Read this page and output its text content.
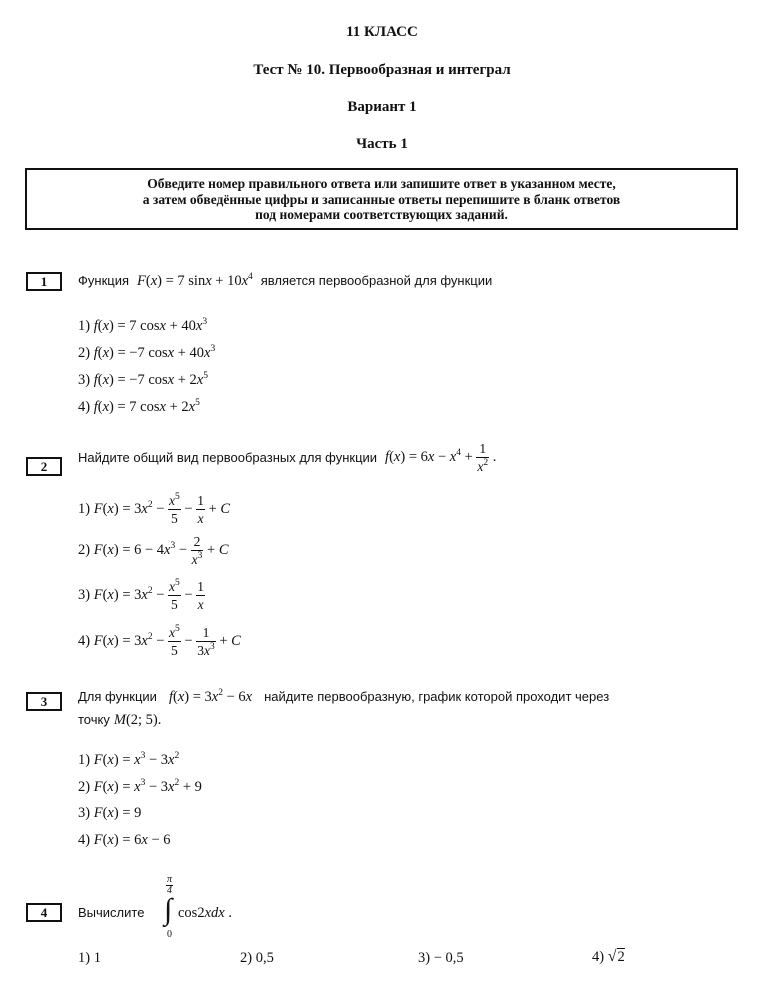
11 КЛАСС
Тест № 10. Первообразная и интеграл
Вариант 1
Часть 1
Обведите номер правильного ответа или запишите ответ в указанном месте,
а затем обведённые цифры и записанные ответы перепишите в бланк ответов
под номерами соответствующих заданий.
1	Функция F(x) = 7 $\sin x + 10x^4$ является первообразной для функции
1) f(x) = 7 $\cos x + 40x^3$
2) f(x) = −7 $\cos x + 40x^3$
3) f(x) = −7 $\cos x + 2x^5$
4) f(x) = 7 $\cos x + 2x^5$
2
Найдите общий вид первообразных для функции $f(x) = 6x - x^4 + \frac{1}{x^2}$ .
1) $F(x) = 3x^2 - \frac{x^5}{5} - \frac{1}{x} + C$
2) $F(x) = 6 - 4x^3 - \frac{2}{x^3} + C$
3) $F(x) = 3x^2 - \frac{x^5}{5} - \frac{1}{x}$
4) $F(x) = 3x^2 - \frac{x^5}{5} - \frac{1}{3x^3} + C$
3	Для функции $f(x) = 3x^2 - 6x$ найдите первообразную, график которой проходит через
точку M(2; 5).
1) $F(x) = x^3 - 3x^2$
2) $F(x) = x^3 - 3x^2 + 9$
3) F(x) = 9
4) F(x) = 6x − 6
4	Вычислите
π
4
∫
0
cos2xdx .
1) 1	2) 0,5	3) − 0,5	4) √2
